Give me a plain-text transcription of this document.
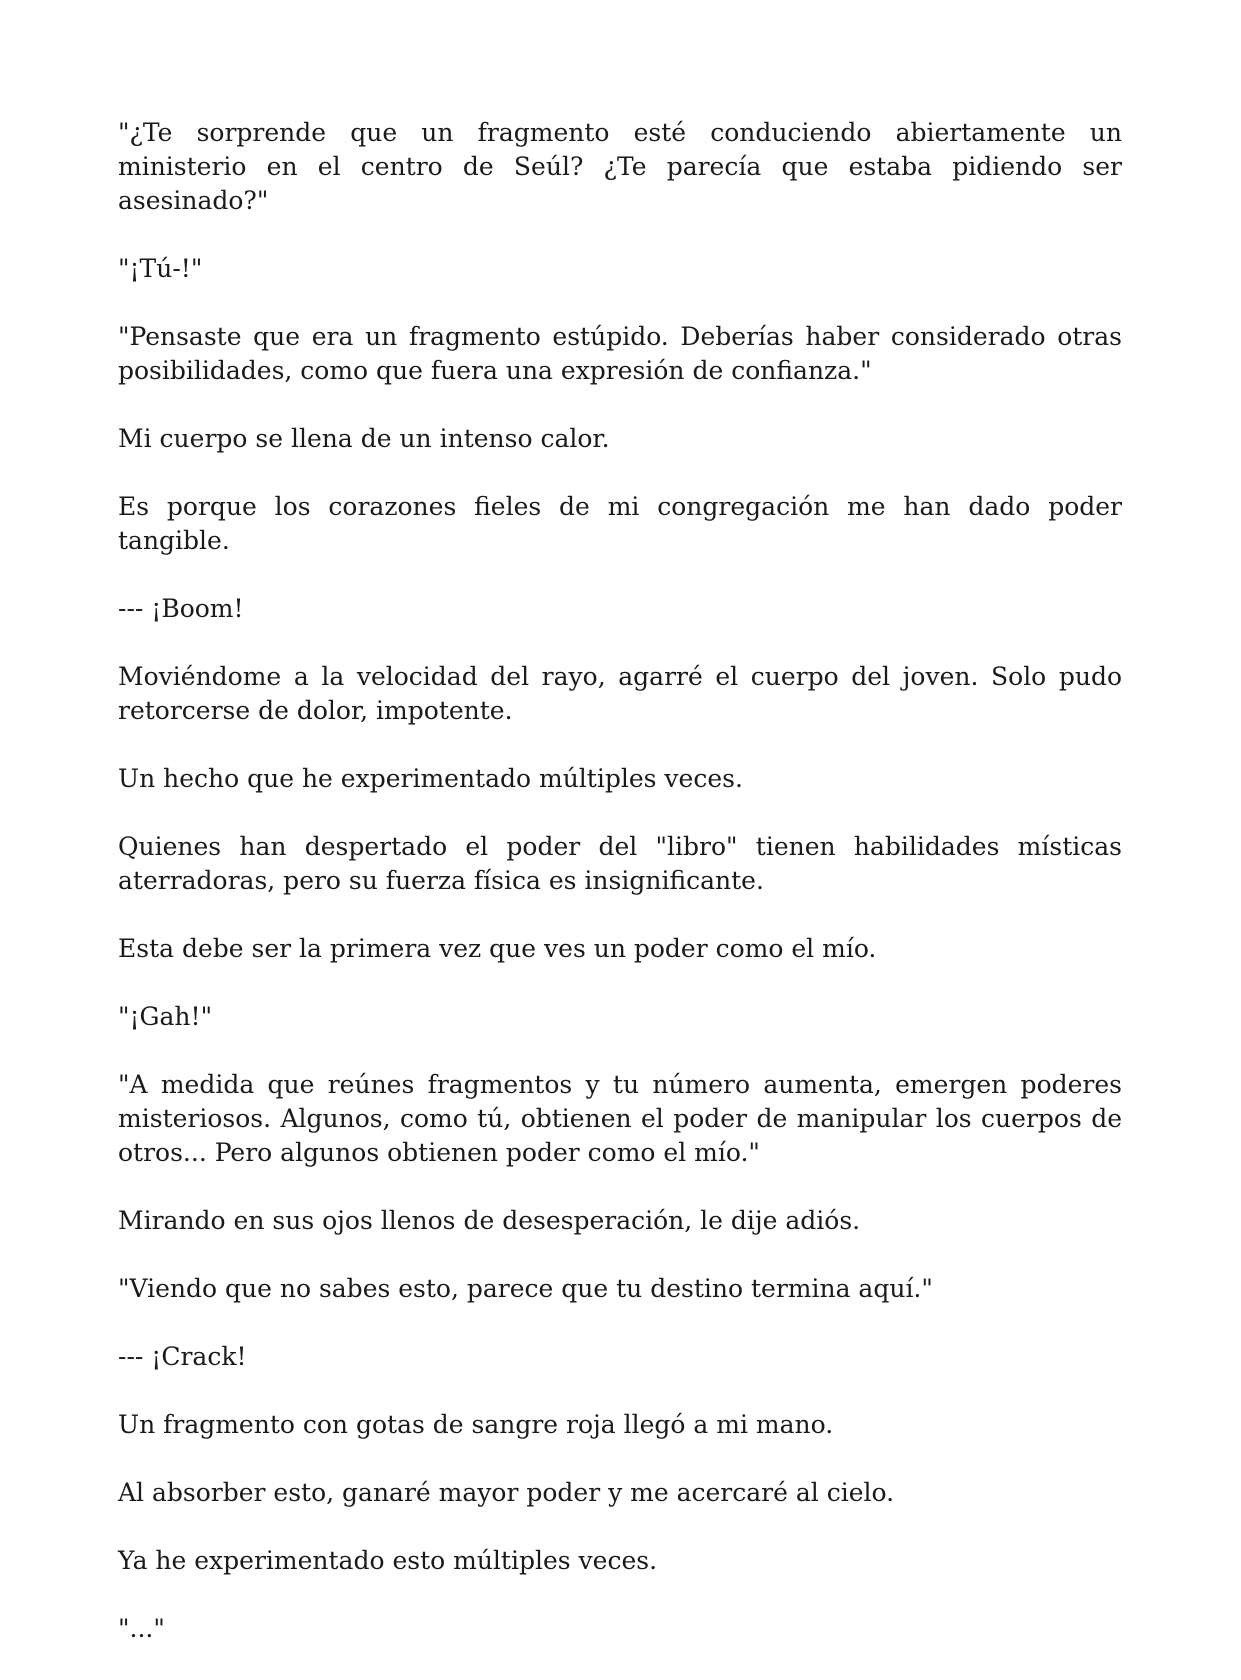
"¿Te sorprende que un fragmento esté conduciendo abiertamente un ministerio en el centro de Seúl? ¿Te parecía que estaba pidiendo ser asesinado?"

"¡Tú-!"

"Pensaste que era un fragmento estúpido. Deberías haber considerado otras posibilidades, como que fuera una expresión de confianza."

Mi cuerpo se llena de un intenso calor.

Es porque los corazones fieles de mi congregación me han dado poder tangible.

--- ¡Boom!

Moviéndome a la velocidad del rayo, agarré el cuerpo del joven. Solo pudo retorcerse de dolor, impotente.

Un hecho que he experimentado múltiples veces.

Quienes han despertado el poder del "libro" tienen habilidades místicas aterradoras, pero su fuerza física es insignificante.

Esta debe ser la primera vez que ves un poder como el mío.

"¡Gah!"

"A medida que reúnes fragmentos y tu número aumenta, emergen poderes misteriosos. Algunos, como tú, obtienen el poder de manipular los cuerpos de otros... Pero algunos obtienen poder como el mío."

Mirando en sus ojos llenos de desesperación, le dije adiós.

"Viendo que no sabes esto, parece que tu destino termina aquí."

--- ¡Crack!

Un fragmento con gotas de sangre roja llegó a mi mano.

Al absorber esto, ganaré mayor poder y me acercaré al cielo.

Ya he experimentado esto múltiples veces.

"..."
